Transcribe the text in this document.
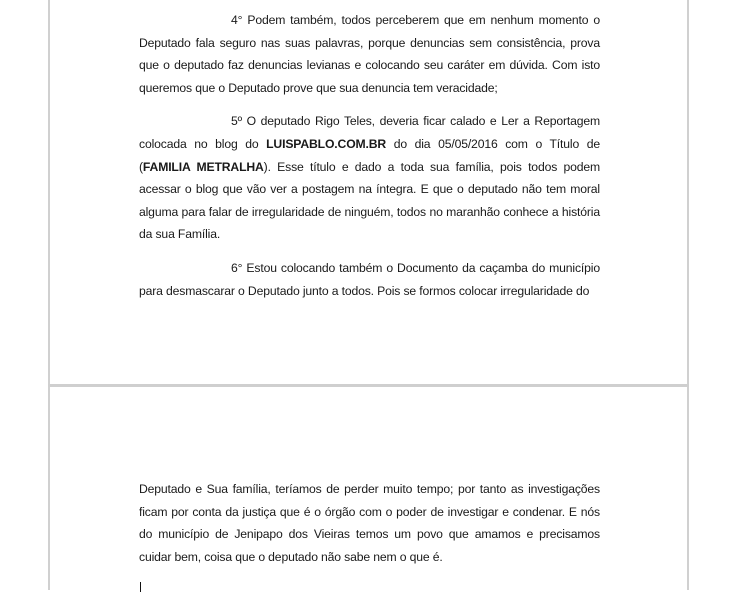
4° Podem também, todos perceberem que em nenhum momento o Deputado fala seguro nas suas palavras, porque denuncias sem consistência, prova que o deputado faz denuncias levianas e colocando seu caráter em dúvida. Com isto queremos que o Deputado prove que sua denuncia tem veracidade;

5º O deputado Rigo Teles, deveria ficar calado e Ler a Reportagem colocada no blog do LUISPABLO.COM.BR do dia 05/05/2016 com o Título de (FAMILIA METRALHA). Esse título e dado a toda sua família, pois todos podem acessar o blog que vão ver a postagem na íntegra. E que o deputado não tem moral alguma para falar de irregularidade de ninguém, todos no maranhão conhece a história da sua Família.

6° Estou colocando também o Documento da caçamba do município para desmascarar o Deputado junto a todos. Pois se formos colocar irregularidade do

Deputado e Sua família, teríamos de perder muito tempo; por tanto as investigações ficam por conta da justiça que é o órgão com o poder de investigar e condenar. E nós do município de Jenipapo dos Vieiras temos um povo que amamos e precisamos cuidar bem, coisa que o deputado não sabe nem o que é.
